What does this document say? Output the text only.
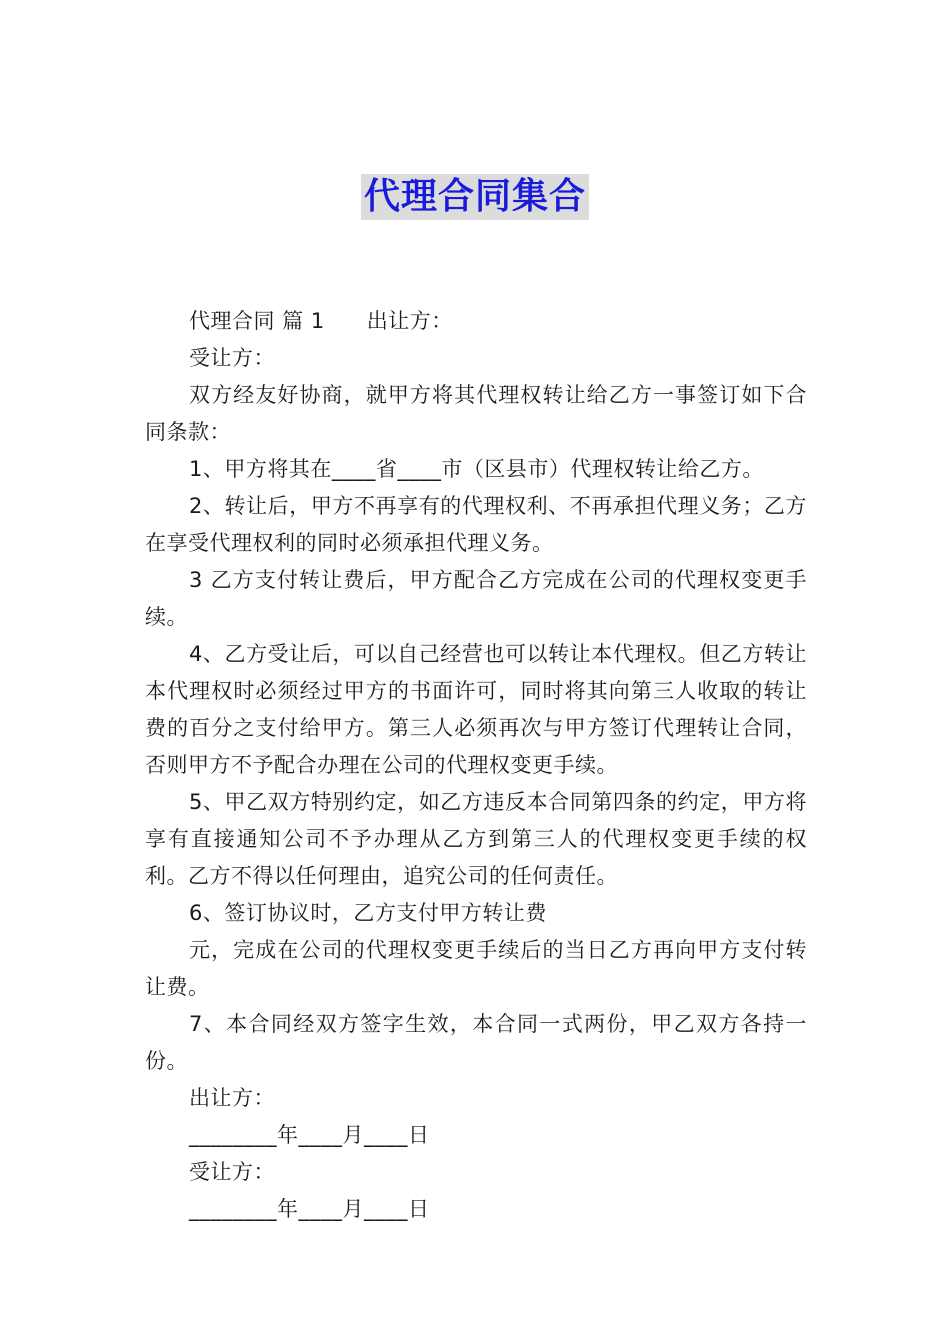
代理合同集合

代理合同 篇 1 出让方：

受让方：

双方经友好协商，就甲方将其代理权转让给乙方一事签订如下合同条款：

1、甲方将其在____省____市（区县市）代理权转让给乙方。

2、转让后，甲方不再享有的代理权利、不再承担代理义务；乙方在享受代理权利的同时必须承担代理义务。

3 乙方支付转让费后，甲方配合乙方完成在公司的代理权变更手续。

4、乙方受让后，可以自己经营也可以转让本代理权。但乙方转让本代理权时必须经过甲方的书面许可，同时将其向第三人收取的转让费的百分之支付给甲方。第三人必须再次与甲方签订代理转让合同，否则甲方不予配合办理在公司的代理权变更手续。

5、甲乙双方特别约定，如乙方违反本合同第四条的约定，甲方将享有直接通知公司不予办理从乙方到第三人的代理权变更手续的权利。乙方不得以任何理由，追究公司的任何责任。

6、签订协议时，乙方支付甲方转让费

元，完成在公司的代理权变更手续后的当日乙方再向甲方支付转让费。

7、本合同经双方签字生效，本合同一式两份，甲乙双方各持一份。

出让方：

________年____月____日

受让方：

________年____月____日
